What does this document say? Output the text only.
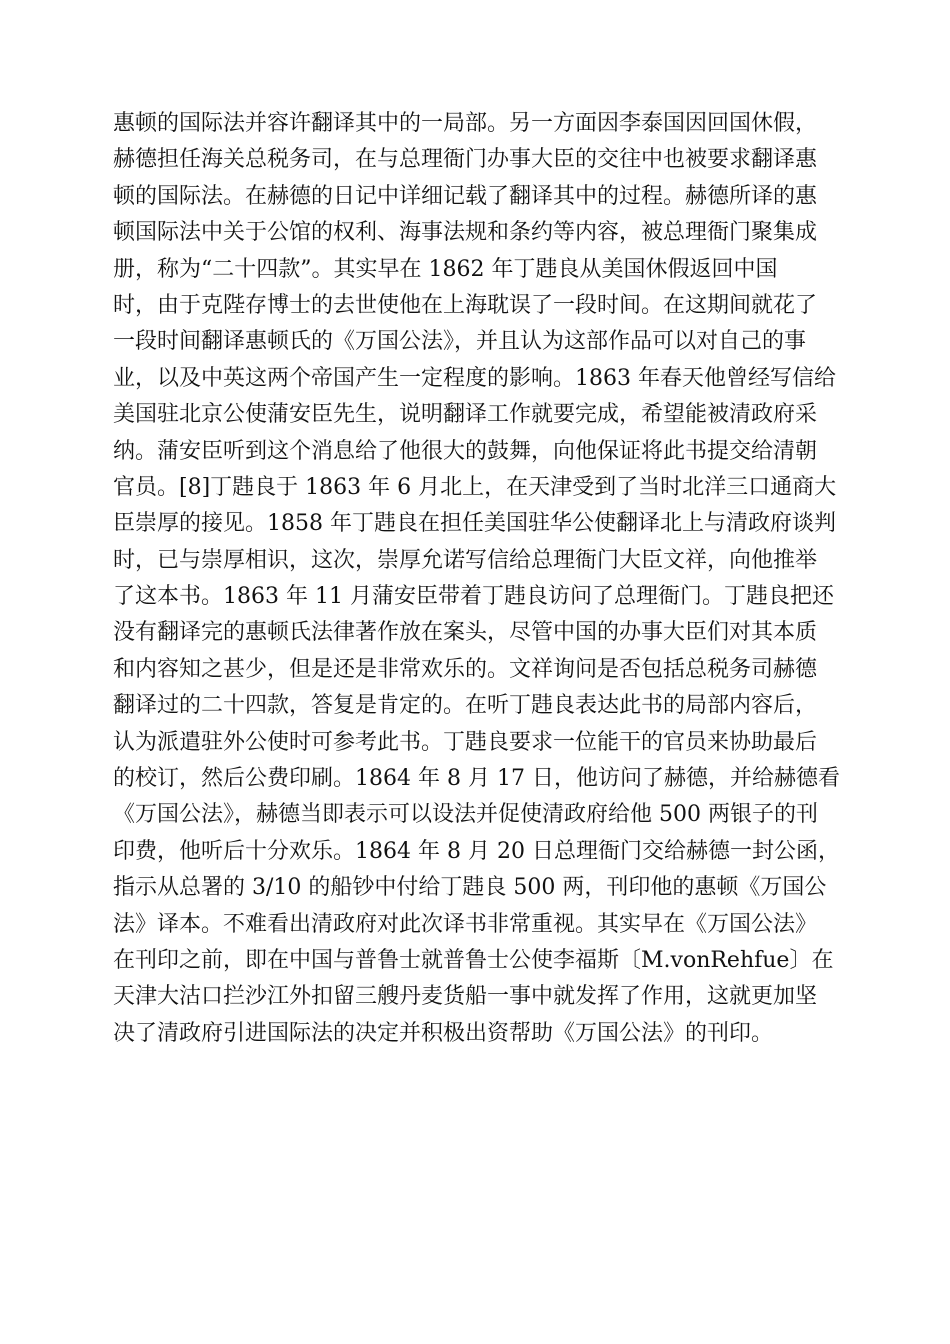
惠顿的国际法并容许翻译其中的一局部。另一方面因李泰国因回国休假，
赫德担任海关总税务司，在与总理衙门办事大臣的交往中也被要求翻译惠
顿的国际法。在赫德的日记中详细记载了翻译其中的过程。赫德所译的惠
顿国际法中关于公馆的权利、海事法规和条约等内容，被总理衙门聚集成
册，称为“二十四款”。其实早在 1862 年丁韪良从美国休假返回中国
时，由于克陛存博士的去世使他在上海耽误了一段时间。在这期间就花了
一段时间翻译惠顿氏的《万国公法》，并且认为这部作品可以对自己的事
业，以及中英这两个帝国产生一定程度的影响。1863 年春天他曾经写信给
美国驻北京公使蒲安臣先生，说明翻译工作就要完成，希望能被清政府采
纳。蒲安臣听到这个消息给了他很大的鼓舞，向他保证将此书提交给清朝
官员。[8]丁韪良于 1863 年 6 月北上，在天津受到了当时北洋三口通商大
臣崇厚的接见。1858 年丁韪良在担任美国驻华公使翻译北上与清政府谈判
时，已与崇厚相识，这次，崇厚允诺写信给总理衙门大臣文祥，向他推举
了这本书。1863 年 11 月蒲安臣带着丁韪良访问了总理衙门。丁韪良把还
没有翻译完的惠顿氏法律著作放在案头，尽管中国的办事大臣们对其本质
和内容知之甚少，但是还是非常欢乐的。文祥询问是否包括总税务司赫德
翻译过的二十四款，答复是肯定的。在听丁韪良表达此书的局部内容后，
认为派遣驻外公使时可参考此书。丁韪良要求一位能干的官员来协助最后
的校订，然后公费印刷。1864 年 8 月 17 日，他访问了赫德，并给赫德看
《万国公法》，赫德当即表示可以设法并促使清政府给他 500 两银子的刊
印费，他听后十分欢乐。1864 年 8 月 20 日总理衙门交给赫德一封公函，
指示从总署的 3/10 的船钞中付给丁韪良 500 两，刊印他的惠顿《万国公
法》译本。不难看出清政府对此次译书非常重视。其实早在《万国公法》
在刊印之前，即在中国与普鲁士就普鲁士公使李福斯〔M.vonRehfue〕在
天津大沽口拦沙江外扣留三艘丹麦货船一事中就发挥了作用，这就更加坚
决了清政府引进国际法的决定并积极出资帮助《万国公法》的刊印。
